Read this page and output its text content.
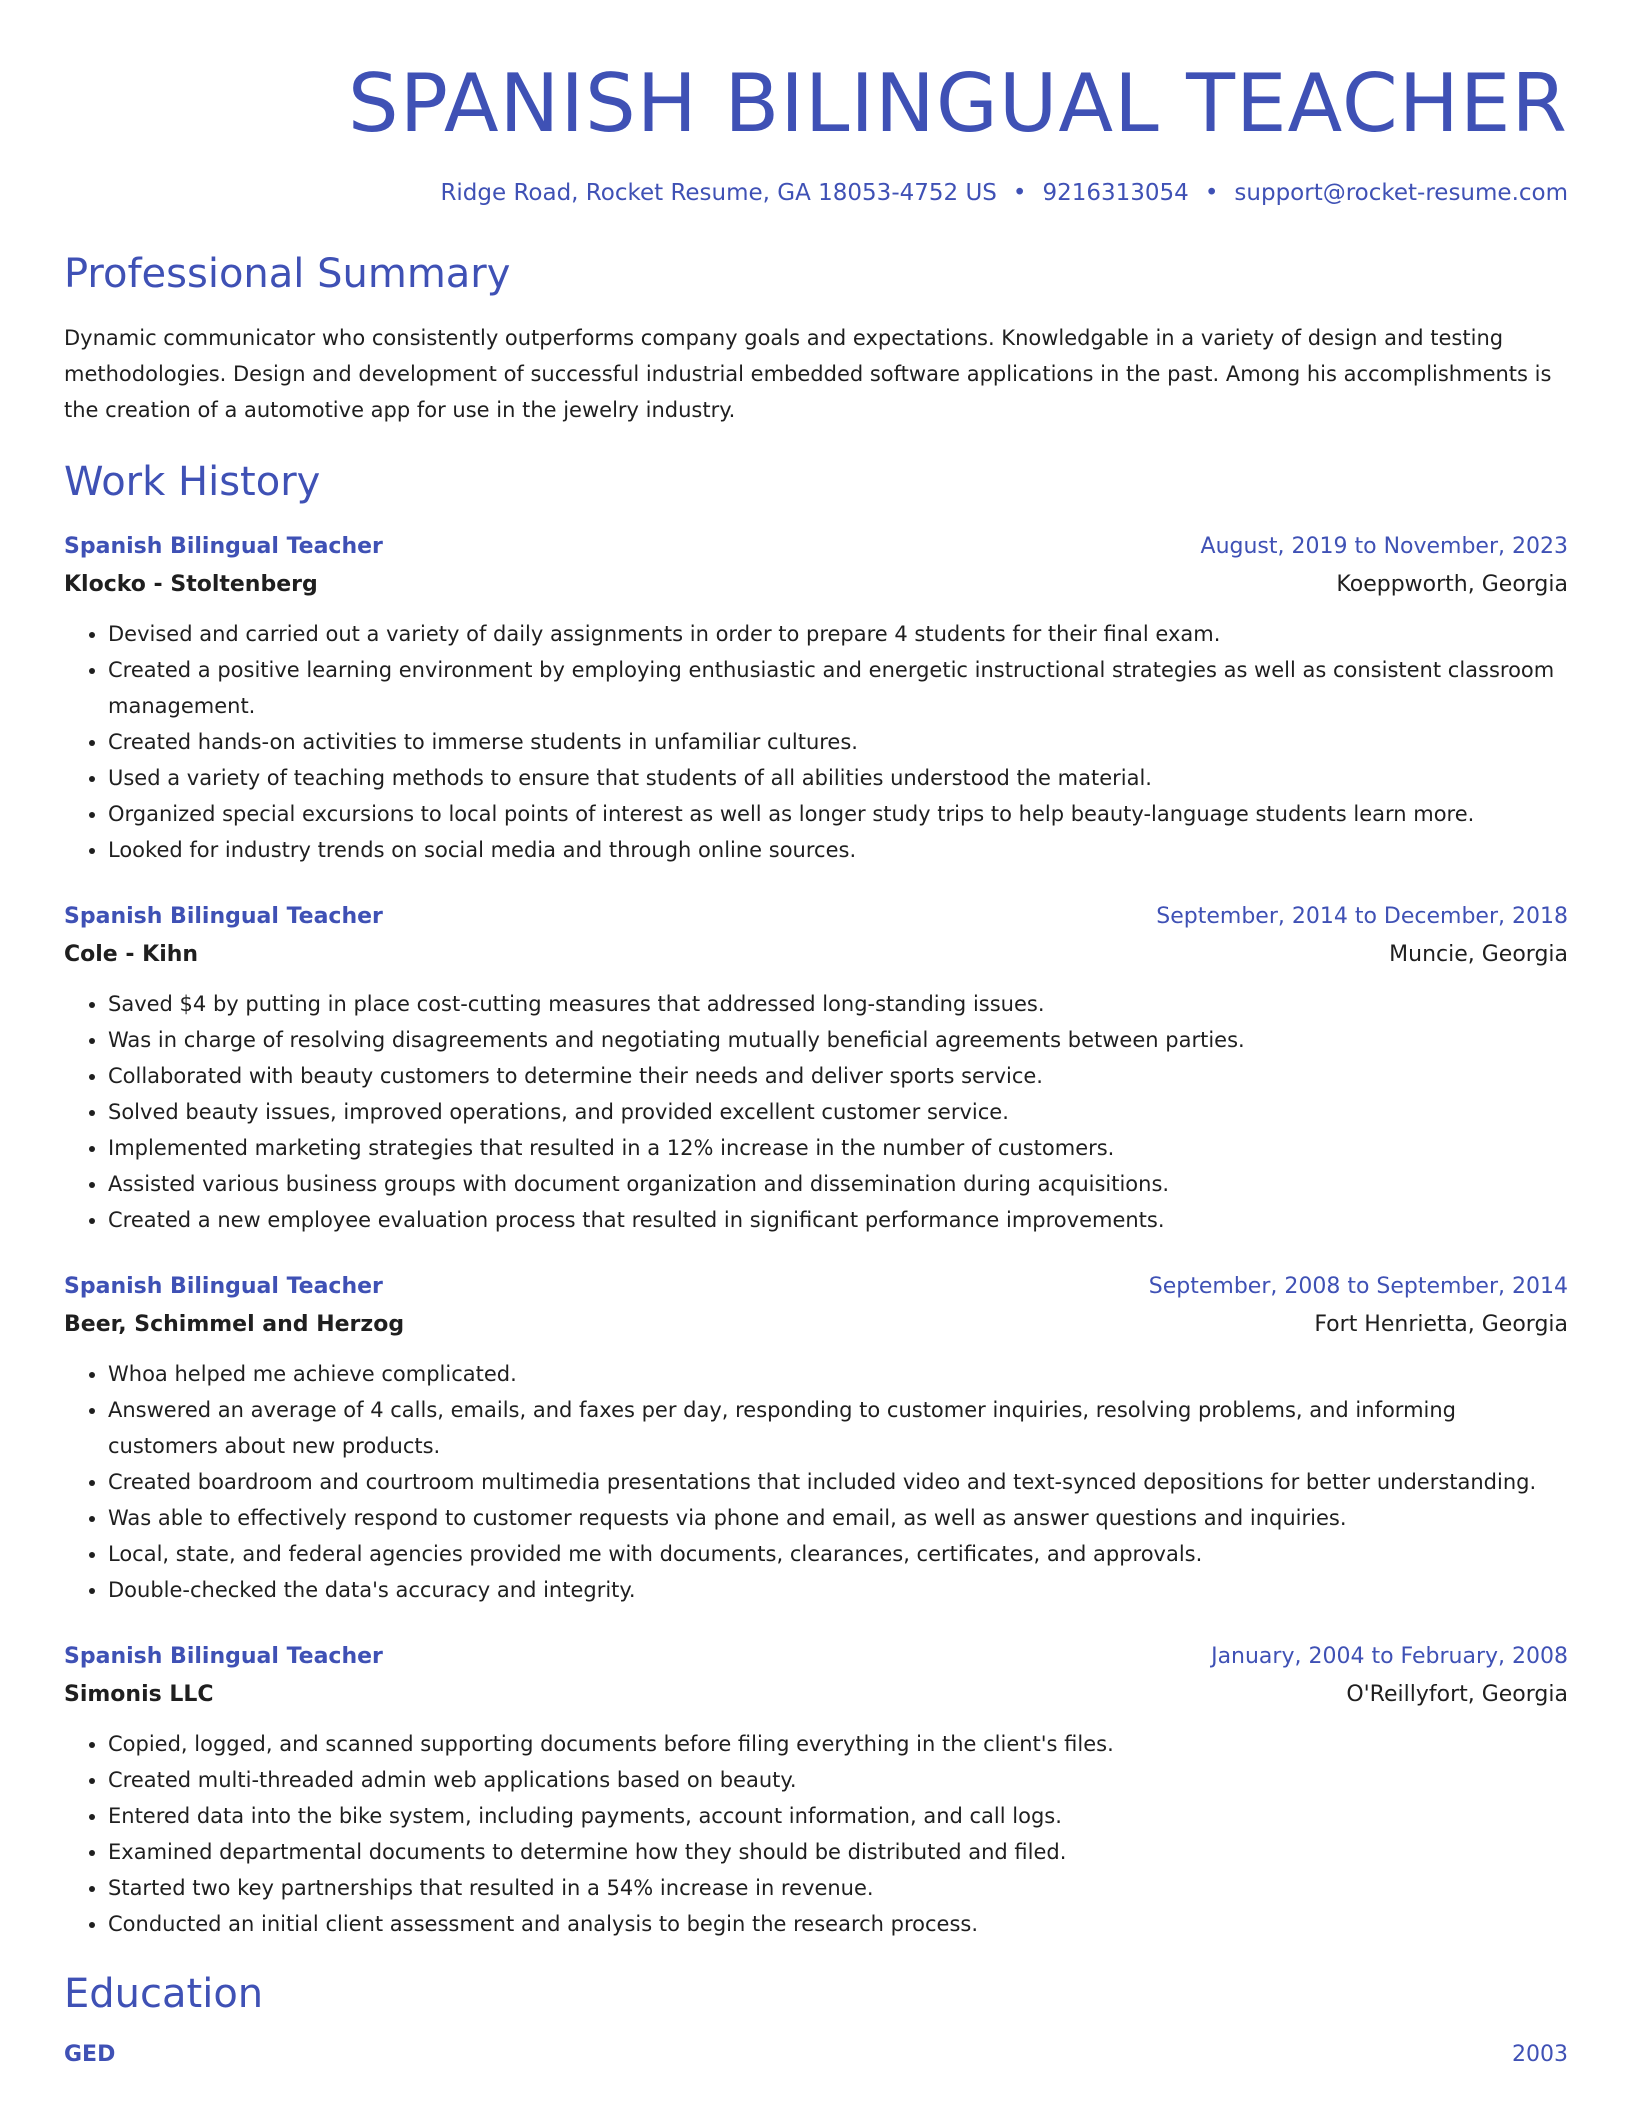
SPANISH BILINGUAL TEACHER
Ridge Road, Rocket Resume, GA 18053-4752 US • 9216313054 • support@rocket-resume.com
Professional Summary
Dynamic communicator who consistently outperforms company goals and expectations. Knowledgable in a variety of design and testing methodologies. Design and development of successful industrial embedded software applications in the past. Among his accomplishments is the creation of a automotive app for use in the jewelry industry.
Work History
Spanish Bilingual Teacher	August, 2019 to November, 2023
Klocko - Stoltenberg	Koeppworth, Georgia
• Devised and carried out a variety of daily assignments in order to prepare 4 students for their final exam.
• Created a positive learning environment by employing enthusiastic and energetic instructional strategies as well as consistent classroom management.
• Created hands-on activities to immerse students in unfamiliar cultures.
• Used a variety of teaching methods to ensure that students of all abilities understood the material.
• Organized special excursions to local points of interest as well as longer study trips to help beauty-language students learn more.
• Looked for industry trends on social media and through online sources.
Spanish Bilingual Teacher	September, 2014 to December, 2018
Cole - Kihn	Muncie, Georgia
• Saved $4 by putting in place cost-cutting measures that addressed long-standing issues.
• Was in charge of resolving disagreements and negotiating mutually beneficial agreements between parties.
• Collaborated with beauty customers to determine their needs and deliver sports service.
• Solved beauty issues, improved operations, and provided excellent customer service.
• Implemented marketing strategies that resulted in a 12% increase in the number of customers.
• Assisted various business groups with document organization and dissemination during acquisitions.
• Created a new employee evaluation process that resulted in significant performance improvements.
Spanish Bilingual Teacher	September, 2008 to September, 2014
Beer, Schimmel and Herzog	Fort Henrietta, Georgia
• Whoa helped me achieve complicated.
• Answered an average of 4 calls, emails, and faxes per day, responding to customer inquiries, resolving problems, and informing customers about new products.
• Created boardroom and courtroom multimedia presentations that included video and text-synced depositions for better understanding.
• Was able to effectively respond to customer requests via phone and email, as well as answer questions and inquiries.
• Local, state, and federal agencies provided me with documents, clearances, certificates, and approvals.
• Double-checked the data's accuracy and integrity.
Spanish Bilingual Teacher	January, 2004 to February, 2008
Simonis LLC	O'Reillyfort, Georgia
• Copied, logged, and scanned supporting documents before filing everything in the client's files.
• Created multi-threaded admin web applications based on beauty.
• Entered data into the bike system, including payments, account information, and call logs.
• Examined departmental documents to determine how they should be distributed and filed.
• Started two key partnerships that resulted in a 54% increase in revenue.
• Conducted an initial client assessment and analysis to begin the research process.
Education
GED	2003
